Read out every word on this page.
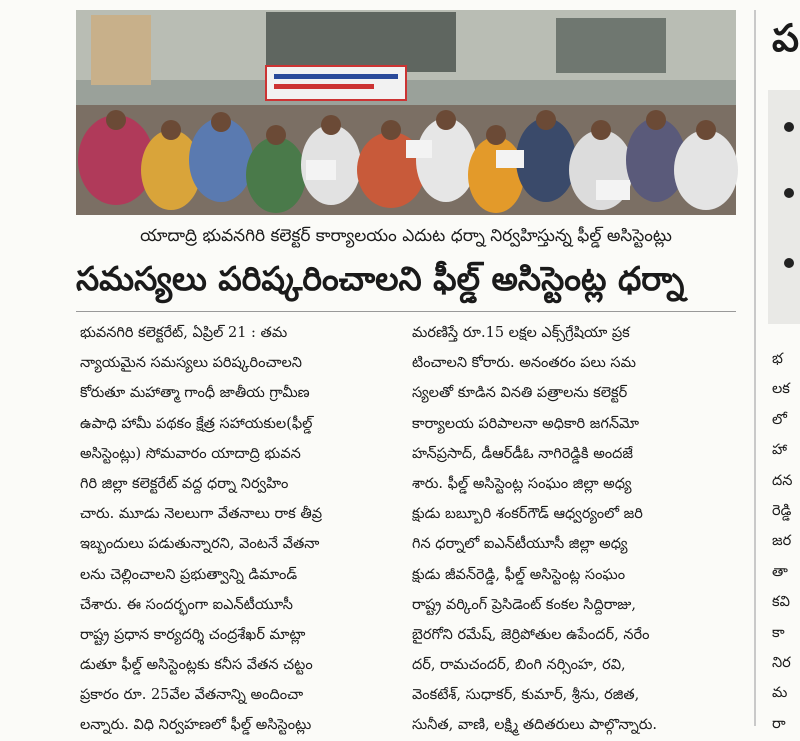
యాదాద్రి భువనగిరి కలెక్టర్ కార్యాలయం ఎదుట ధర్నా నిర్వహిస్తున్న ఫీల్డ్ అసిస్టెంట్లు
సమస్యలు పరిష్కరించాలని ఫీల్డ్ అసిస్టెంట్ల ధర్నా
భువనగిరి కలెక్టరేట్, ఏప్రిల్ 21 : తమ
న్యాయమైన సమస్యలు పరిష్కరించాలని
కోరుతూ మహాత్మా గాంధీ జాతీయ గ్రామీణ
ఉపాధి హామీ పథకం క్షేత్ర సహాయకుల(ఫీల్డ్
అసిస్టెంట్లు) సోమవారం యాదాద్రి భువన
గిరి జిల్లా కలెక్టరేట్ వద్ద ధర్నా నిర్వహిం
చారు. మూడు నెలలుగా వేతనాలు రాక తీవ్ర
ఇబ్బందులు పడుతున్నారని, వెంటనే వేతనా
లను చెల్లించాలని ప్రభుత్వాన్ని డిమాండ్
చేశారు. ఈ సందర్భంగా ఐఎన్‌టీయూసీ
రాష్ట్ర ప్రధాన కార్యదర్శి చంద్రశేఖర్ మాట్లా
డుతూ ఫీల్డ్ అసిస్టెంట్లకు కనీస వేతన చట్టం
ప్రకారం రూ. 25వేల వేతనాన్ని అందించా
లన్నారు. విధి నిర్వహణలో ఫీల్డ్ అసిస్టెంట్లు
మరణిస్తే రూ.15 లక్షల ఎక్స్‌గ్రేషియా ప్రక
టించాలని కోరారు. అనంతరం పలు సమ
స్యలతో కూడిన వినతి పత్రాలను కలెక్టర్
కార్యాలయ పరిపాలనా అధికారి జగన్‌మో
హన్‌ప్రసాద్, డీఆర్‌డీఓ నాగిరెడ్డికి అందజే
శారు. ఫీల్డ్ అసిస్టెంట్ల సంఘం జిల్లా అధ్య
క్షుడు బబ్బూరి శంకర్‌గౌడ్ ఆధ్వర్యంలో జరి
గిన ధర్నాలో ఐఎన్‌టీయూసీ జిల్లా అధ్య
క్షుడు జీవన్‌రెడ్డి, ఫీల్డ్ అసిస్టెంట్ల సంఘం
రాష్ట్ర వర్కింగ్ ప్రెసిడెంట్ కంకల సిద్దిరాజు,
బైరగోని రమేష్, జెర్రిపోతుల ఉపేందర్, నరేం
దర్, రామచందర్, బింగి నర్సింహ, రవి,
వెంకటేశ్, సుధాకర్, కుమార్, శ్రీను, రజిత,
సునీత, వాణి, లక్ష్మి తదితరులు పాల్గొన్నారు.
ప
భ
లక
లో
హా
దన
రెడ్డి
జర
తా
కవి
కా
నిర
మ
రా
